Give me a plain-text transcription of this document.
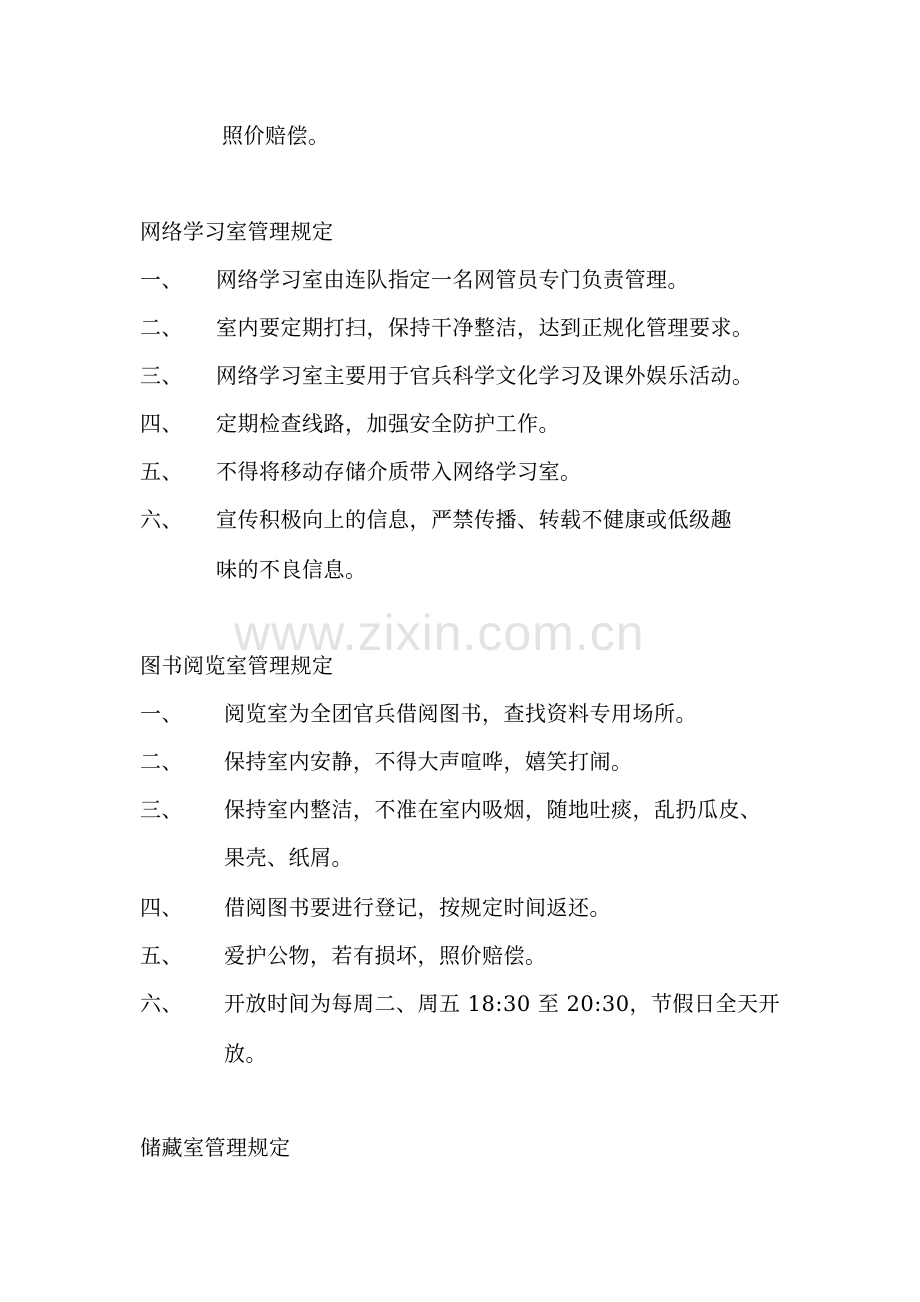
照价赔偿。
网络学习室管理规定
一、 网络学习室由连队指定一名网管员专门负责管理。
二、 室内要定期打扫，保持干净整洁，达到正规化管理要求。
三、 网络学习室主要用于官兵科学文化学习及课外娱乐活动。
四、 定期检查线路，加强安全防护工作。
五、 不得将移动存储介质带入网络学习室。
六、 宣传积极向上的信息，严禁传播、转载不健康或低级趣
味的不良信息。
www.zixin.com.cn
图书阅览室管理规定
一、 阅览室为全团官兵借阅图书，查找资料专用场所。
二、 保持室内安静，不得大声喧哗，嬉笑打闹。
三、 保持室内整洁，不准在室内吸烟，随地吐痰，乱扔瓜皮、
果壳、纸屑。
四、 借阅图书要进行登记，按规定时间返还。
五、 爱护公物，若有损坏，照价赔偿。
六、 开放时间为每周二、周五 18:30 至 20:30，节假日全天开
放。
储藏室管理规定
